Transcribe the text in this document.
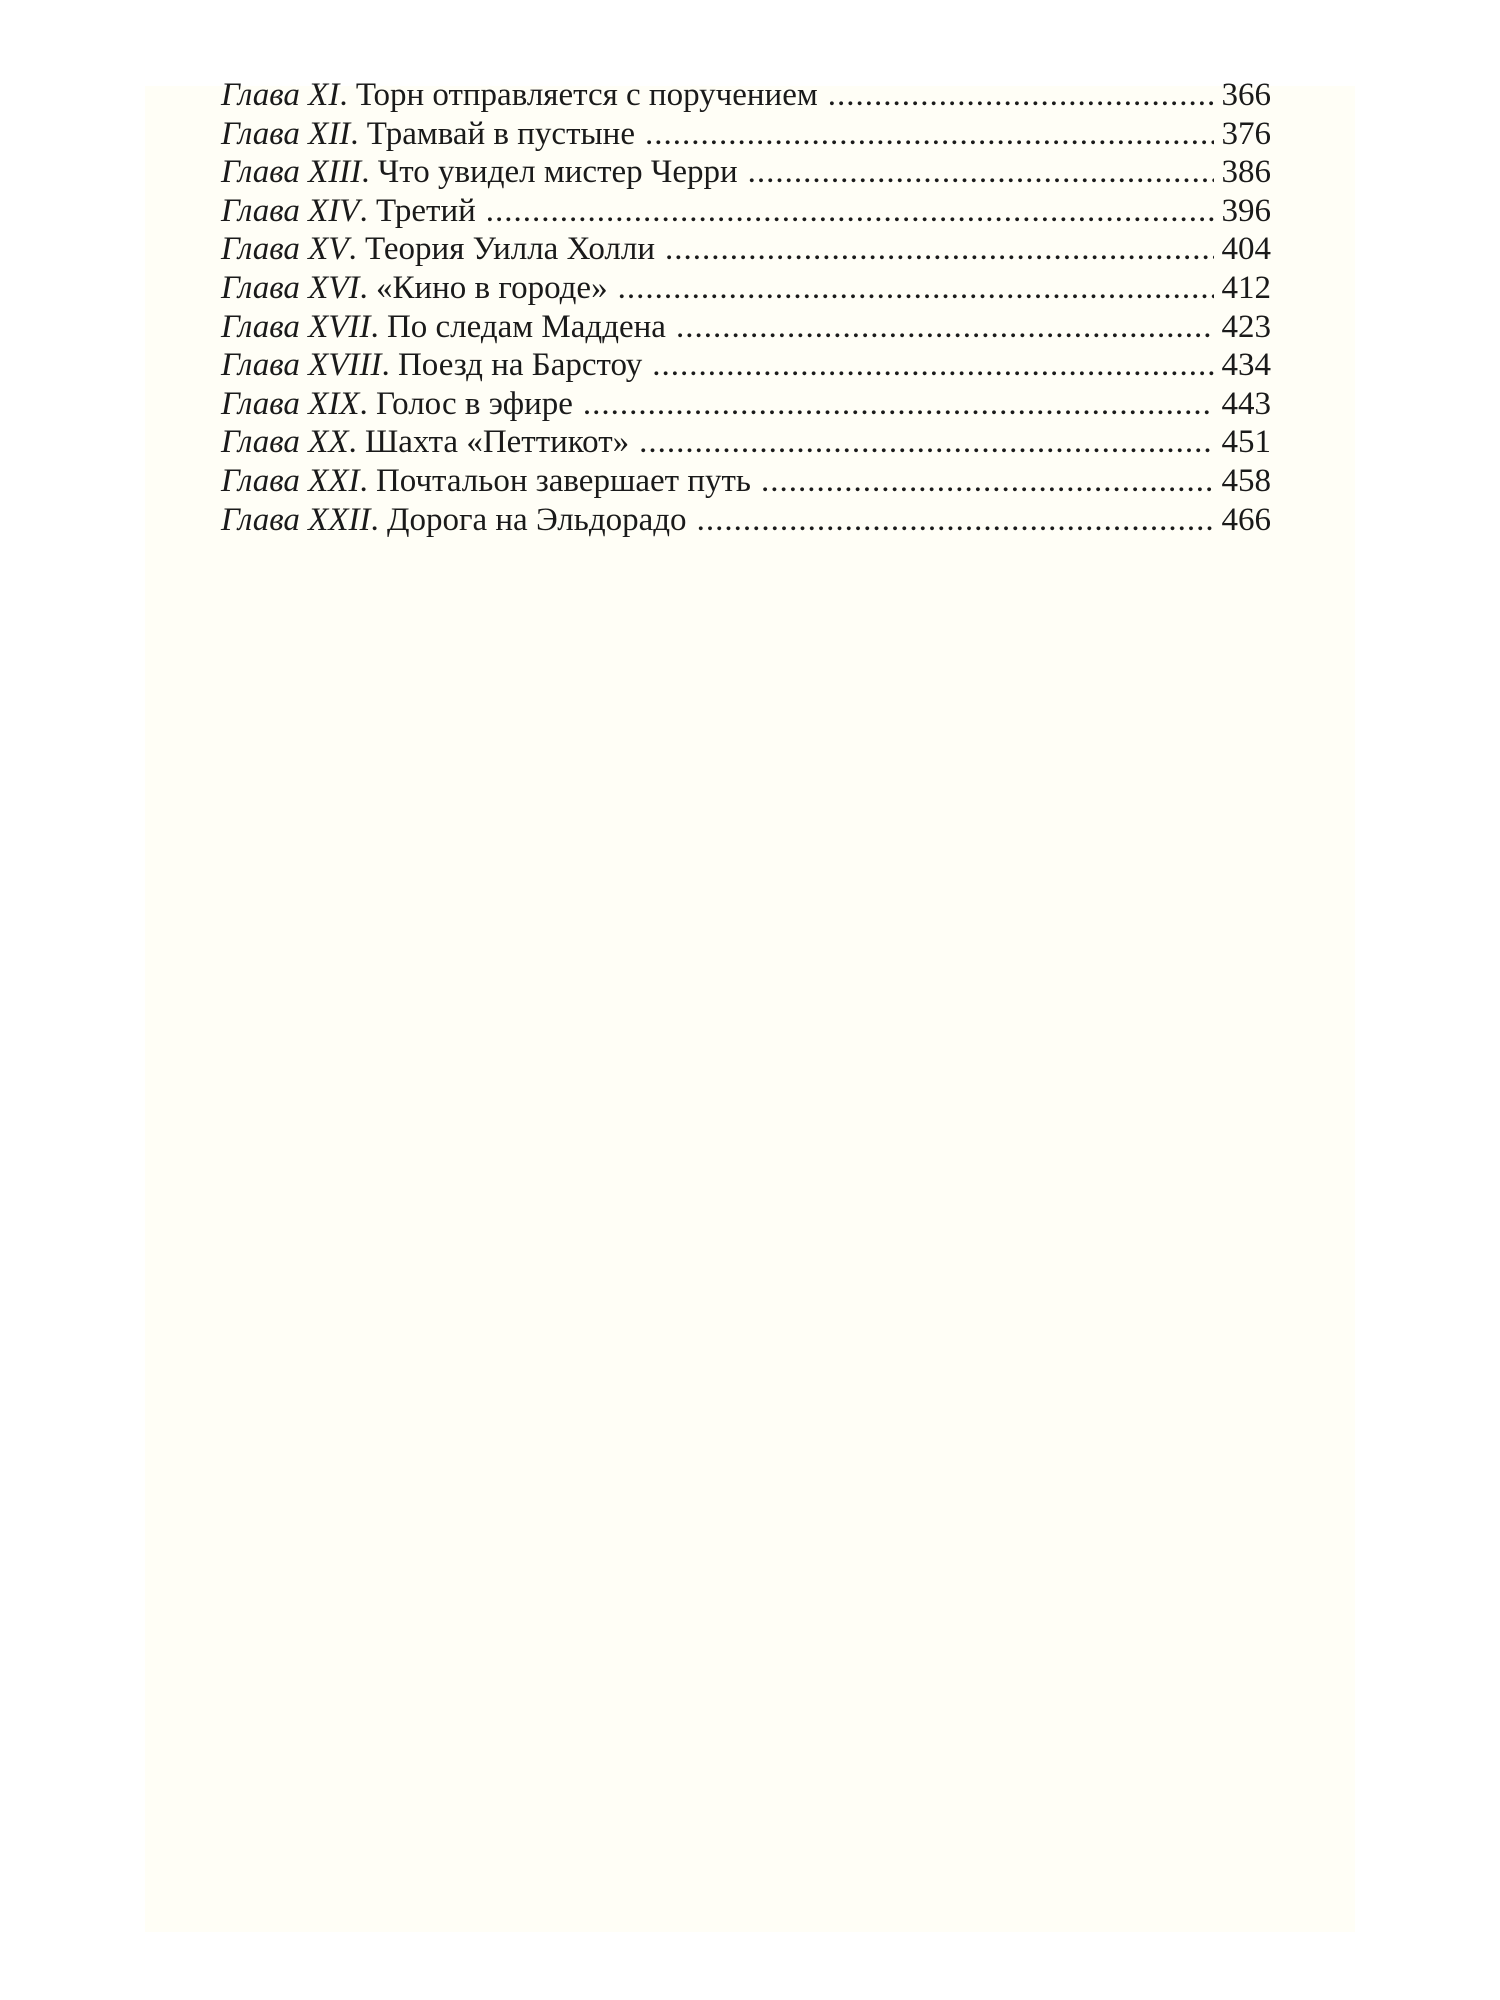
Глава XI. Торн отправляется с поручением .....	366
Глава XII. Трамвай в пустыне .....	376
Глава XIII. Что увидел мистер Черри .....	386
Глава XIV. Третий .....	396
Глава XV. Теория Уилла Холли .....	404
Глава XVI. «Кино в городе» .....	412
Глава XVII. По следам Маддена .....	423
Глава XVIII. Поезд на Барстоу .....	434
Глава XIX. Голос в эфире .....	443
Глава XX. Шахта «Петтикот» .....	451
Глава XXI. Почтальон завершает путь .....	458
Глава XXII. Дорога на Эльдорадо .....	466
